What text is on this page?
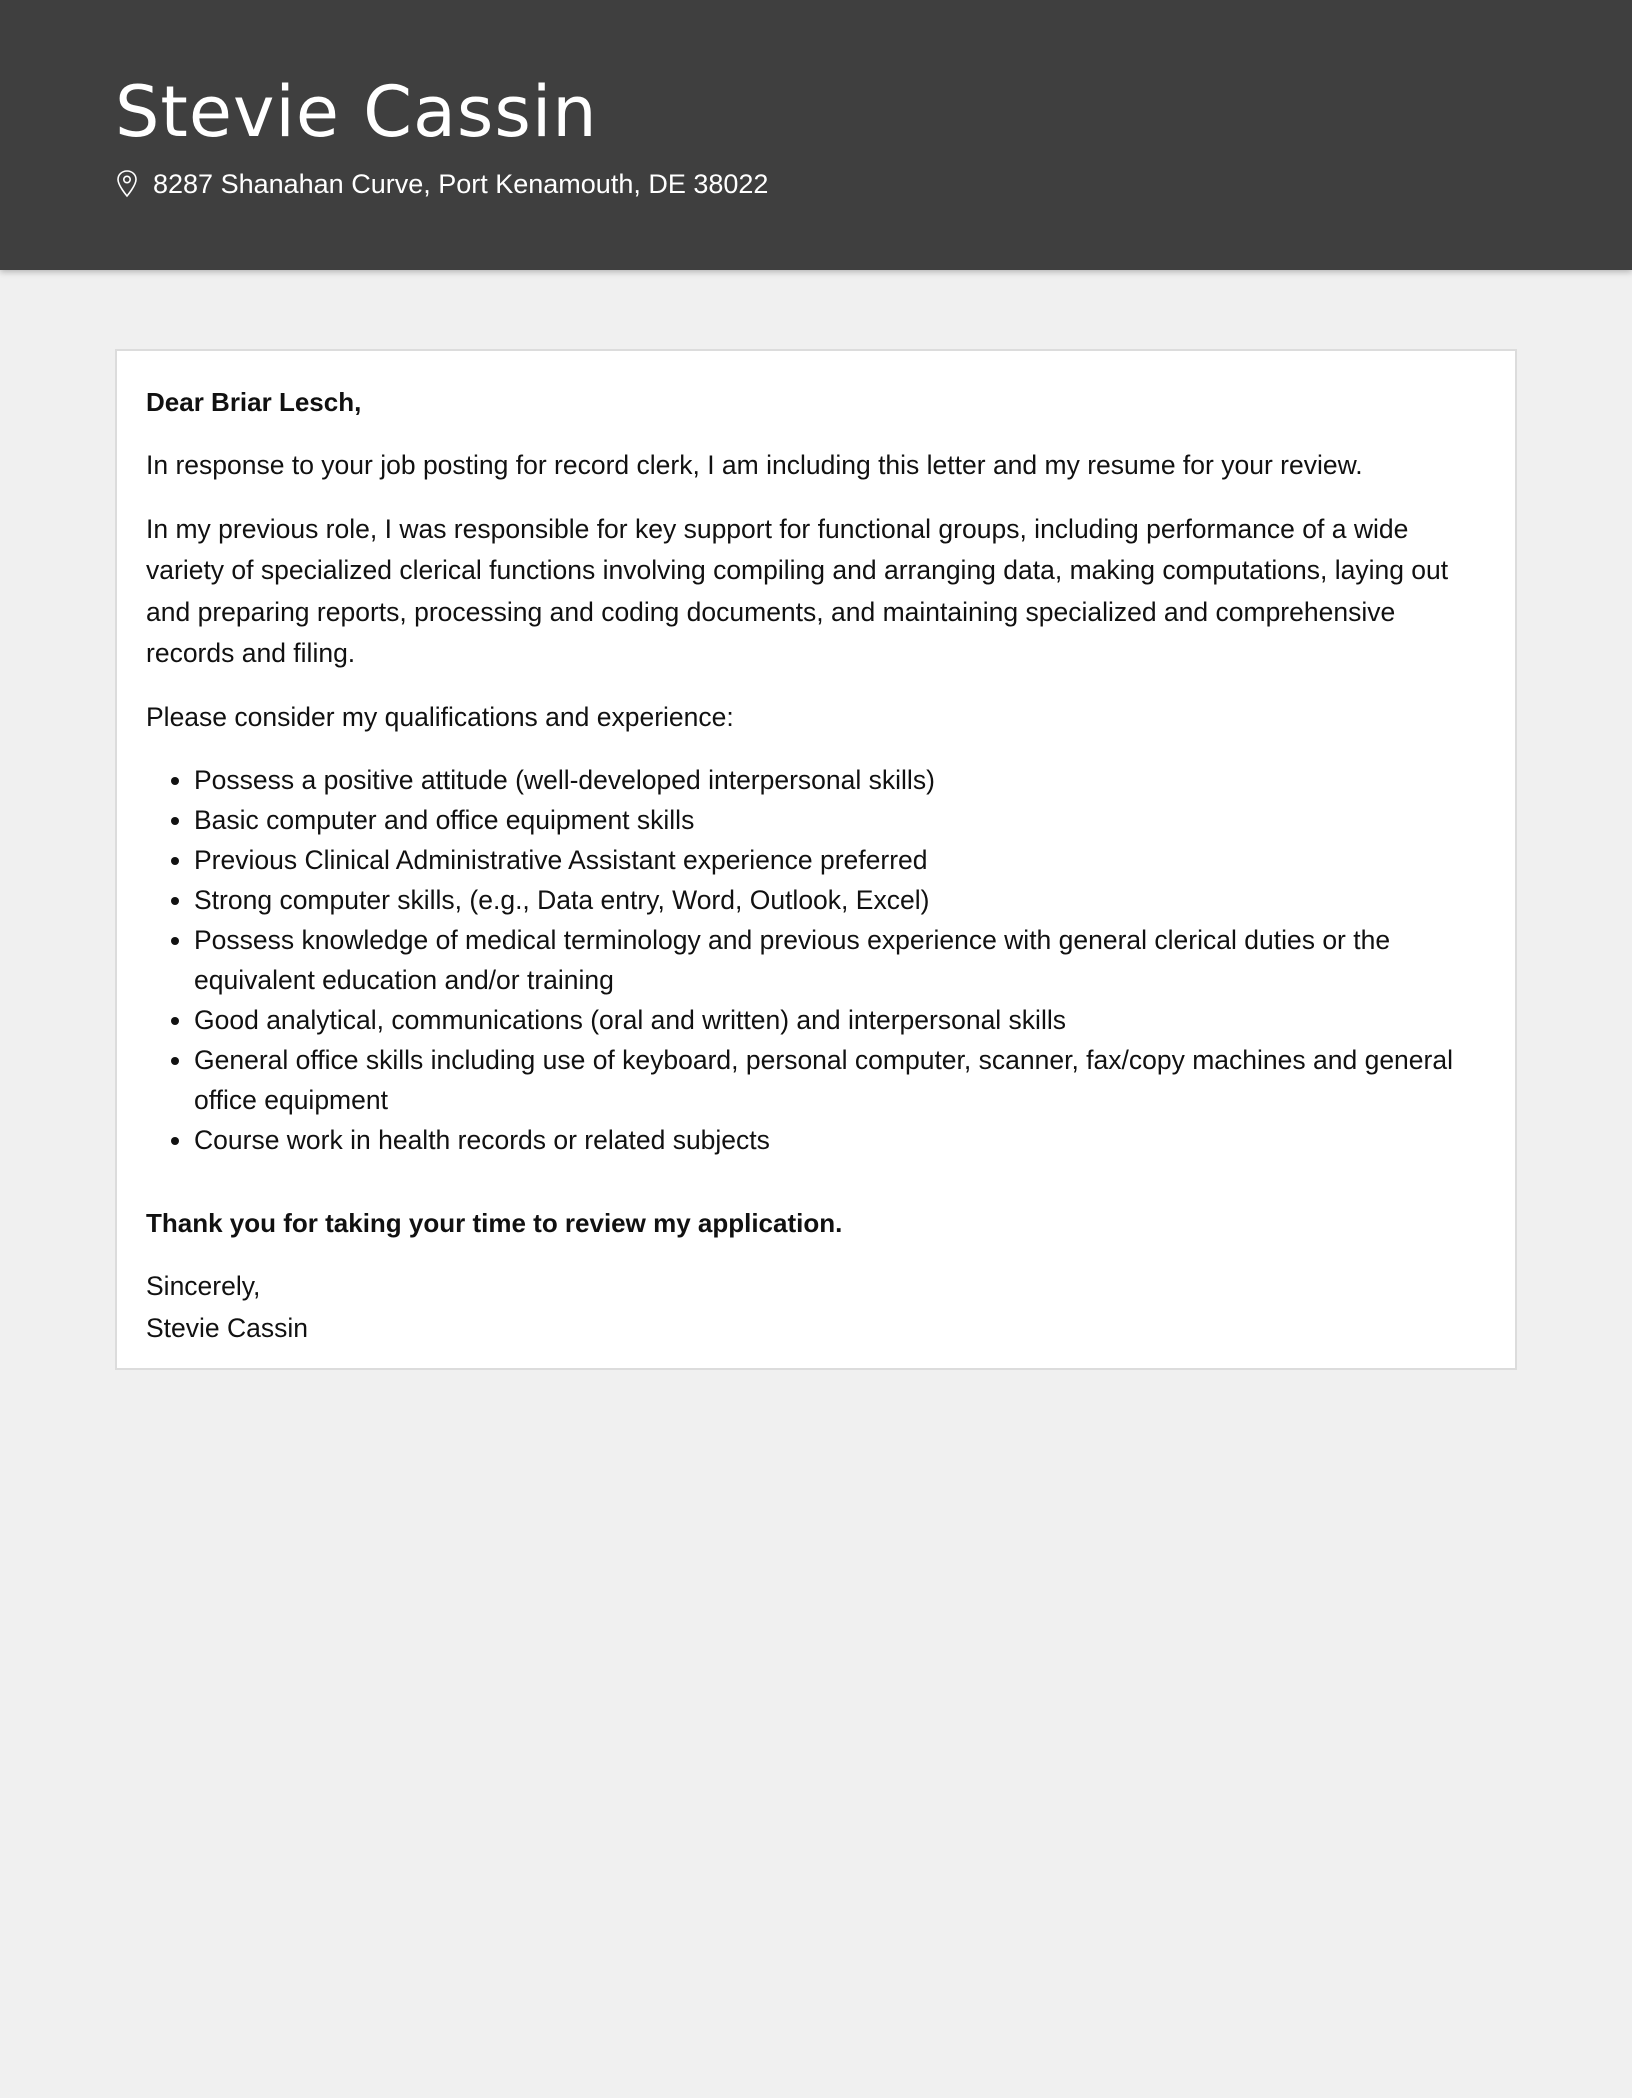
Stevie Cassin
8287 Shanahan Curve, Port Kenamouth, DE 38022
Dear Briar Lesch,

In response to your job posting for record clerk, I am including this letter and my resume for your review.

In my previous role, I was responsible for key support for functional groups, including performance of a wide variety of specialized clerical functions involving compiling and arranging data, making computations, laying out and preparing reports, processing and coding documents, and maintaining specialized and comprehensive records and filing.

Please consider my qualifications and experience:

• Possess a positive attitude (well-developed interpersonal skills)
• Basic computer and office equipment skills
• Previous Clinical Administrative Assistant experience preferred
• Strong computer skills, (e.g., Data entry, Word, Outlook, Excel)
• Possess knowledge of medical terminology and previous experience with general clerical duties or the equivalent education and/or training
• Good analytical, communications (oral and written) and interpersonal skills
• General office skills including use of keyboard, personal computer, scanner, fax/copy machines and general office equipment
• Course work in health records or related subjects
Thank you for taking your time to review my application.
Sincerely,
Stevie Cassin
